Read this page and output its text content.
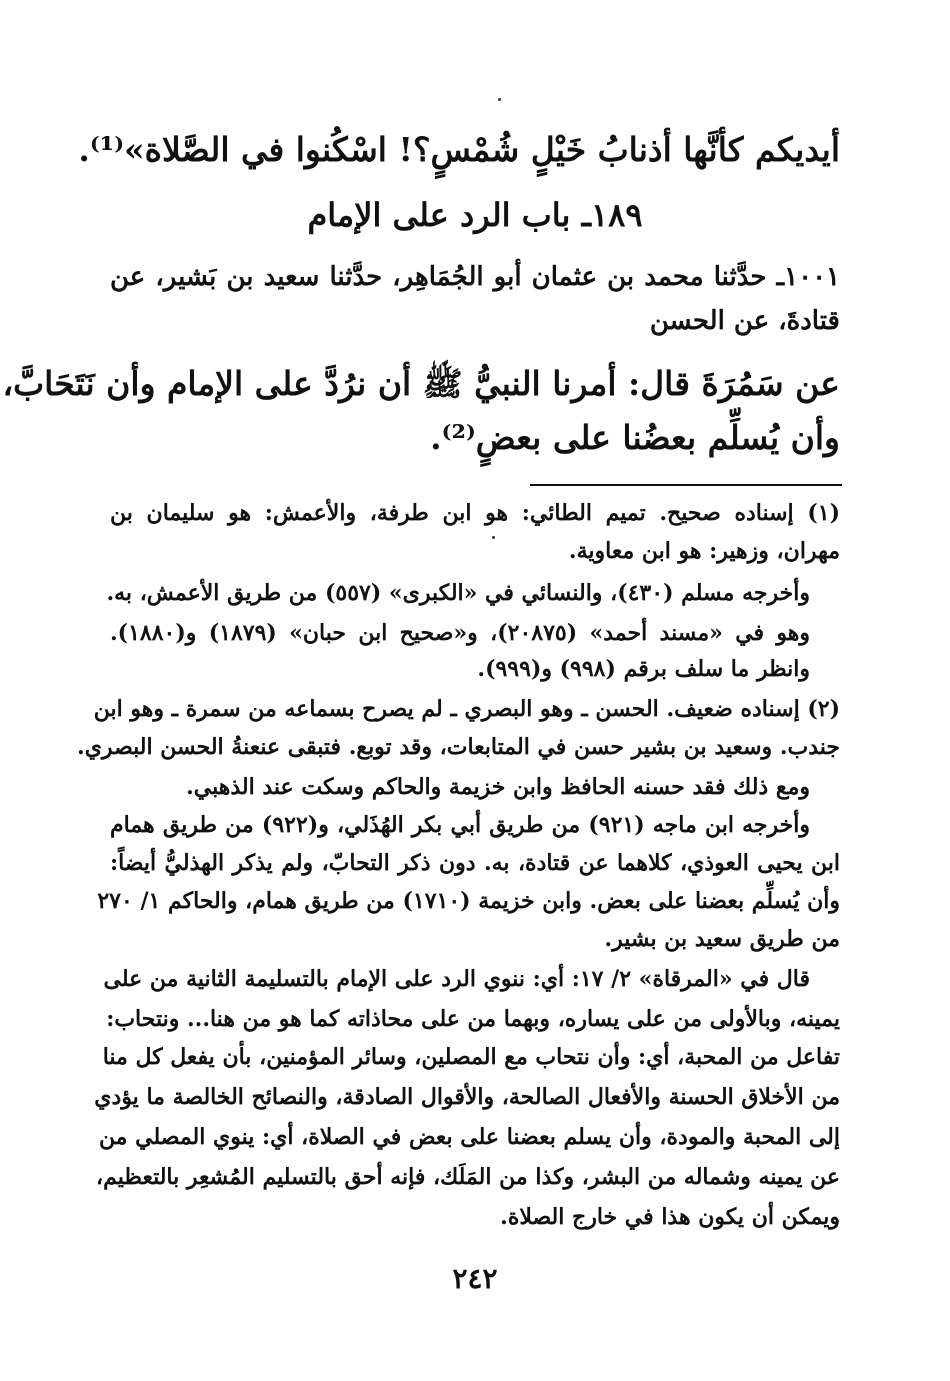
أيديكم كأنَّها أذنابُ خَيْلٍ شُمْسٍ؟! اسْكُنوا في الصَّلاة»⁽¹⁾.
١٨٩ـ باب الرد على الإمام
١٠٠١ـ حدَّثنا محمد بن عثمان أبو الجُمَاهِر، حدَّثنا سعيد بن بَشير، عن
قتادةَ، عن الحسن
عن سَمُرَةَ قال: أمرنا النبيُّ ﷺ أن نرُدَّ على الإمام وأن نَتَحَابَّ،
وأن يُسلِّم بعضُنا على بعضٍ⁽²⁾.
(١) إسناده صحيح. تميم الطائي: هو ابن طرفة، والأعمش: هو سليمان بن
مهران، وزهير: هو ابن معاوية.
وأخرجه مسلم (٤٣٠)، والنسائي في «الكبرى» (٥٥٧) من طريق الأعمش، به.
وهو في «مسند أحمد» (٢٠٨٧٥)، و«صحيح ابن حبان» (١٨٧٩) و(١٨٨٠).
وانظر ما سلف برقم (٩٩٨) و(٩٩٩).
(٢) إسناده ضعيف. الحسن ـ وهو البصري ـ لم يصرح بسماعه من سمرة ـ وهو ابن
جندب. وسعيد بن بشير حسن في المتابعات، وقد توبع. فتبقى عنعنةُ الحسن البصري.
ومع ذلك فقد حسنه الحافظ وابن خزيمة والحاكم وسكت عند الذهبي.
وأخرجه ابن ماجه (٩٢١) من طريق أبي بكر الهُذَلي، و(٩٢٢) من طريق همام
ابن يحيى العوذي، كلاهما عن قتادة، به. دون ذكر التحابّ، ولم يذكر الهذليُّ أيضاً:
وأن يُسلِّم بعضنا على بعض. وابن خزيمة (١٧١٠) من طريق همام، والحاكم ١/ ٢٧٠
من طريق سعيد بن بشير.
قال في «المرقاة» ٢/ ١٧: أي: ننوي الرد على الإمام بالتسليمة الثانية من على
يمينه، وبالأولى من على يساره، وبهما من على محاذاته كما هو من هنا... ونتحاب:
تفاعل من المحبة، أي: وأن نتحاب مع المصلين، وسائر المؤمنين، بأن يفعل كل منا
من الأخلاق الحسنة والأفعال الصالحة، والأقوال الصادقة، والنصائح الخالصة ما يؤدي
إلى المحبة والمودة، وأن يسلم بعضنا على بعض في الصلاة، أي: ينوي المصلي من
عن يمينه وشماله من البشر، وكذا من المَلَك، فإنه أحق بالتسليم المُشعِر بالتعظيم،
ويمكن أن يكون هذا في خارج الصلاة.
٢٤٢
